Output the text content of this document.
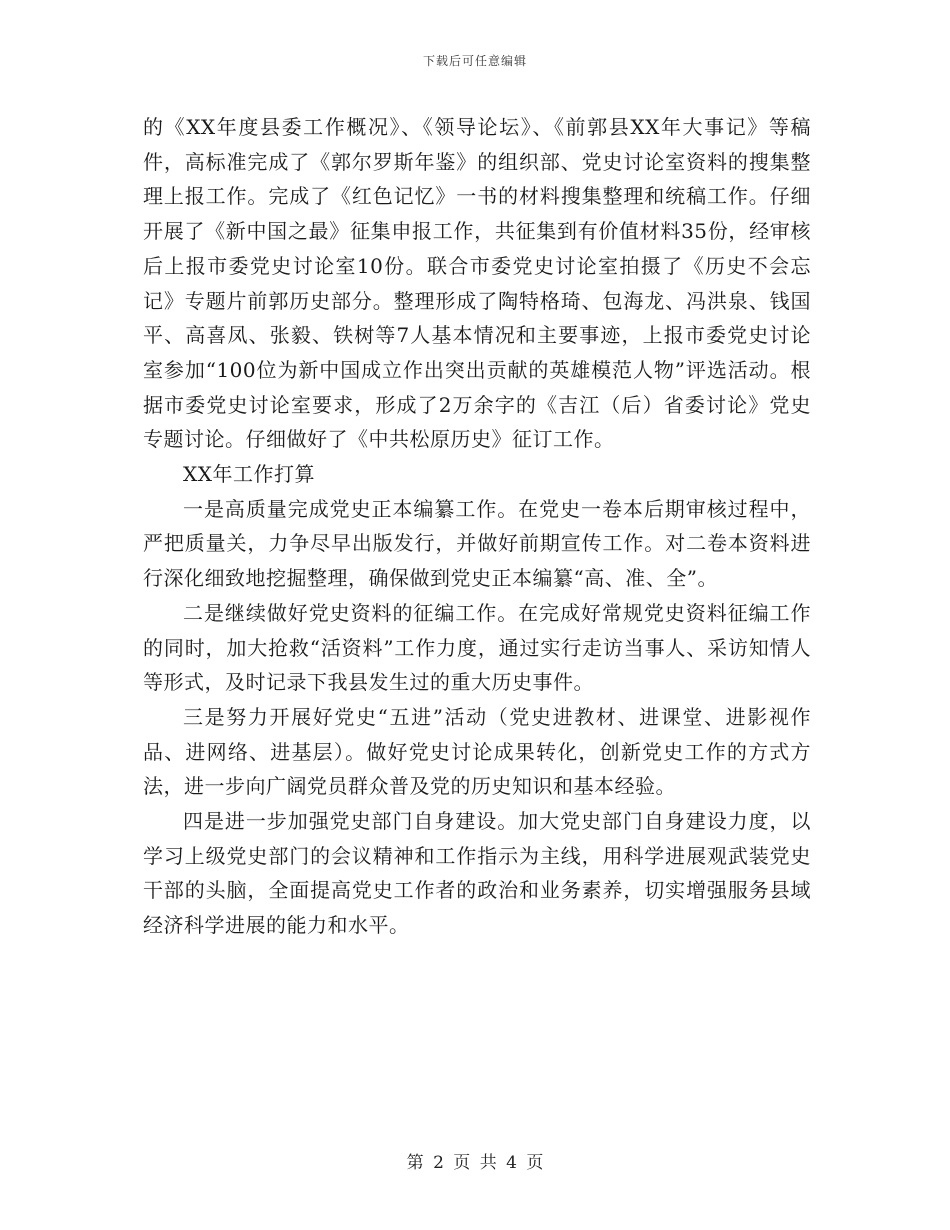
下载后可任意编辑

的《XX年度县委工作概况》、《领导论坛》、《前郭县XX年大事记》等稿件，高标准完成了《郭尔罗斯年鉴》的组织部、党史讨论室资料的搜集整理上报工作。完成了《红色记忆》一书的材料搜集整理和统稿工作。仔细开展了《新中国之最》征集申报工作，共征集到有价值材料35份，经审核后上报市委党史讨论室10份。联合市委党史讨论室拍摄了《历史不会忘记》专题片前郭历史部分。整理形成了陶特格琦、包海龙、冯洪泉、钱国平、高喜凤、张毅、铁树等7人基本情况和主要事迹，上报市委党史讨论室参加“100位为新中国成立作出突出贡献的英雄模范人物”评选活动。根据市委党史讨论室要求，形成了2万余字的《吉江（后）省委讨论》党史专题讨论。仔细做好了《中共松原历史》征订工作。

XX年工作打算

一是高质量完成党史正本编纂工作。在党史一卷本后期审核过程中，严把质量关，力争尽早出版发行，并做好前期宣传工作。对二卷本资料进行深化细致地挖掘整理，确保做到党史正本编纂“高、准、全”。

二是继续做好党史资料的征编工作。在完成好常规党史资料征编工作的同时，加大抢救“活资料”工作力度，通过实行走访当事人、采访知情人等形式，及时记录下我县发生过的重大历史事件。

三是努力开展好党史“五进”活动（党史进教材、进课堂、进影视作品、进网络、进基层）。做好党史讨论成果转化，创新党史工作的方式方法，进一步向广阔党员群众普及党的历史知识和基本经验。

四是进一步加强党史部门自身建设。加大党史部门自身建设力度，以学习上级党史部门的会议精神和工作指示为主线，用科学进展观武装党史干部的头脑，全面提高党史工作者的政治和业务素养，切实增强服务县域经济科学进展的能力和水平。

第 2 页 共 4 页
